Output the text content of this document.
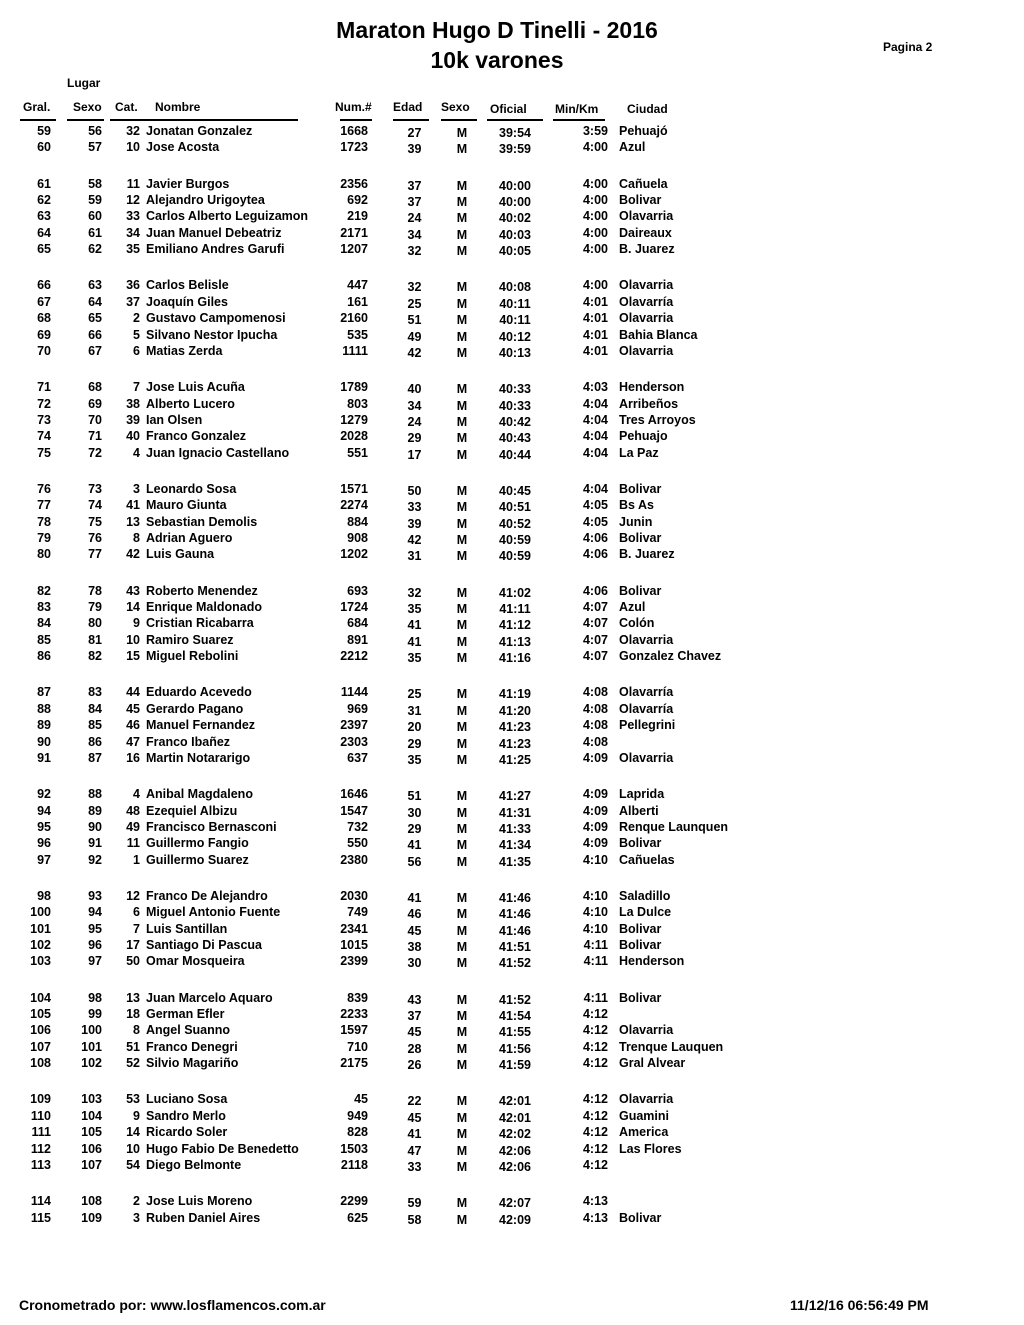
Maraton Hugo D Tinelli - 2016
10k varones	Pagina 2
Lugar
Gral. Sexo Cat. Nombre	Num.# Edad Sexo Oficial Min/Km Ciudad
59	56	32 Jonatan Gonzalez	1668	27	M	39:54	3:59 Pehuajó
60	57	10 Jose Acosta	1723	39	M	39:59	4:00 Azul
61	58	11 Javier Burgos	2356	37	M	40:00	4:00 Cañuela
62	59	12 Alejandro Urigoytea	692	37	M	40:00	4:00 Bolivar
63	60	33 Carlos Alberto Leguizamon	219	24	M	40:02	4:00 Olavarria
64	61	34 Juan Manuel Debeatriz	2171	34	M	40:03	4:00 Daireaux
65	62	35 Emiliano Andres Garufi	1207	32	M	40:05	4:00 B. Juarez
66	63	36 Carlos Belisle	447	32	M	40:08	4:00 Olavarria
67	64	37 Joaquín Giles	161	25	M	40:11	4:01 Olavarría
68	65	2 Gustavo Campomenosi	2160	51	M	40:11	4:01 Olavarria
69	66	5 Silvano Nestor Ipucha	535	49	M	40:12	4:01 Bahia Blanca
70	67	6 Matias Zerda	1111	42	M	40:13	4:01 Olavarria
71	68	7 Jose Luis Acuña	1789	40	M	40:33	4:03 Henderson
72	69	38 Alberto Lucero	803	34	M	40:33	4:04 Arribeños
73	70	39 Ian Olsen	1279	24	M	40:42	4:04 Tres Arroyos
74	71	40 Franco Gonzalez	2028	29	M	40:43	4:04 Pehuajo
75	72	4 Juan Ignacio Castellano	551	17	M	40:44	4:04 La Paz
76	73	3 Leonardo Sosa	1571	50	M	40:45	4:04 Bolivar
77	74	41 Mauro Giunta	2274	33	M	40:51	4:05 Bs As
78	75	13 Sebastian Demolis	884	39	M	40:52	4:05 Junin
79	76	8 Adrian Aguero	908	42	M	40:59	4:06 Bolivar
80	77	42 Luis Gauna	1202	31	M	40:59	4:06 B. Juarez
82	78	43 Roberto Menendez	693	32	M	41:02	4:06 Bolivar
83	79	14 Enrique Maldonado	1724	35	M	41:11	4:07 Azul
84	80	9 Cristian Ricabarra	684	41	M	41:12	4:07 Colón
85	81	10 Ramiro Suarez	891	41	M	41:13	4:07 Olavarria
86	82	15 Miguel Rebolini	2212	35	M	41:16	4:07 Gonzalez Chavez
87	83	44 Eduardo Acevedo	1144	25	M	41:19	4:08 Olavarría
88	84	45 Gerardo Pagano	969	31	M	41:20	4:08 Olavarría
89	85	46 Manuel Fernandez	2397	20	M	41:23	4:08 Pellegrini
90	86	47 Franco Ibañez	2303	29	M	41:23	4:08
91	87	16 Martin Notararigo	637	35	M	41:25	4:09 Olavarria
92	88	4 Anibal Magdaleno	1646	51	M	41:27	4:09 Laprida
94	89	48 Ezequiel Albizu	1547	30	M	41:31	4:09 Alberti
95	90	49 Francisco Bernasconi	732	29	M	41:33	4:09 Renque Launquen
96	91	11 Guillermo Fangio	550	41	M	41:34	4:09 Bolivar
97	92	1 Guillermo Suarez	2380	56	M	41:35	4:10 Cañuelas
98	93	12 Franco De Alejandro	2030	41	M	41:46	4:10 Saladillo
100	94	6 Miguel Antonio Fuente	749	46	M	41:46	4:10 La Dulce
101	95	7 Luis Santillan	2341	45	M	41:46	4:10 Bolivar
102	96	17 Santiago Di Pascua	1015	38	M	41:51	4:11 Bolivar
103	97	50 Omar Mosqueira	2399	30	M	41:52	4:11 Henderson
104	98	13 Juan Marcelo Aquaro	839	43	M	41:52	4:11 Bolivar
105	99	18 German Efler	2233	37	M	41:54	4:12
106	100	8 Angel Suanno	1597	45	M	41:55	4:12 Olavarria
107	101	51 Franco Denegri	710	28	M	41:56	4:12 Trenque Lauquen
108	102	52 Silvio Magariño	2175	26	M	41:59	4:12 Gral Alvear
109	103	53 Luciano Sosa	45	22	M	42:01	4:12 Olavarria
110	104	9 Sandro Merlo	949	45	M	42:01	4:12 Guamini
111	105	14 Ricardo Soler	828	41	M	42:02	4:12 America
112	106	10 Hugo Fabio De Benedetto	1503	47	M	42:06	4:12 Las Flores
113	107	54 Diego Belmonte	2118	33	M	42:06	4:12
114	108	2 Jose Luis Moreno	2299	59	M	42:07	4:13
115	109	3 Ruben Daniel Aires	625	58	M	42:09	4:13 Bolivar
Cronometrado por: www.losflamencos.com.ar	11/12/16 06:56:49 PM
